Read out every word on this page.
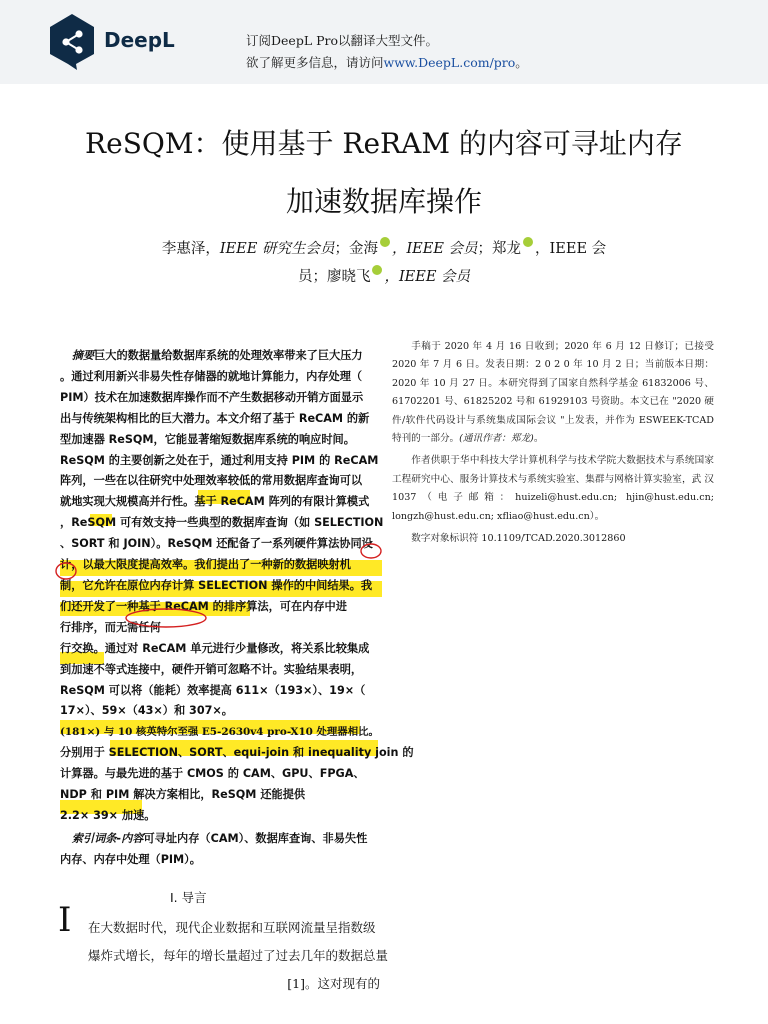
DeepL	订阅DeepL Pro以翻译大型文件。
欲了解更多信息，请访问www.DeepL.com/pro。
ReSQM：使用基于 ReRAM 的内容可寻址内存
加速数据库操作
李惠泽，IEEE 研究生会员；金海 ，IEEE 会员；郑龙 ，IEEE 会
员；廖晓飞 ，IEEE 会员
摘要巨大的数据量给数据库系统的处理效率带来了巨大压力
。通过利用新兴非易失性存储器的就地计算能力，内存处理（
PIM）技术在加速数据库操作而不产生数据移动开销方面显示
出与传统架构相比的巨大潜力。本文介绍了基于 ReCAM 的新
型加速器 ReSQM，它能显著缩短数据库系统的响应时间。
ReSQM 的主要创新之处在于，通过利用支持 PIM 的 ReCAM
阵列，一些在以往研究中处理效率较低的常用数据库查询可以
就地实现大规模高并行性。基于 ReCAM 阵列的有限计算模式
，ReSQM 可有效支持一些典型的数据库查询（如 SELECTION
、SORT 和 JOIN）。ReSQM 还配备了一系列硬件算法协同设
计，以最大限度提高效率。我们提出了一种新的数据映射机
制，它允许在原位内存计算 SELECTION 操作的中间结果。我
们还开发了一种基于 ReCAM 的排序算法，可在内存中进
行排序，而无需任何
行交换。通过对 ReCAM 单元进行少量修改，将关系比较集成
到加速不等式连接中，硬件开销可忽略不计。实验结果表明，
ReSQM 可以将（能耗）效率提高 611×（193×）、19×（
17×）、59×（43×）和 307×。
(181×) 与 10 核英特尔至强 E5-2630v4 pro-X10 处理器相比。
分别用于 SELECTION、SORT、equi-join 和 inequality join 的
计算器。与最先进的基于 CMOS 的 CAM、GPU、FPGA、
NDP 和 PIM 解决方案相比，ReSQM 还能提供
2.2× 39× 加速。
索引词条-内容可寻址内存（CAM）、数据库查询、非易失性
内存、内存中处理（PIM）。

手稿于 2020 年 4 月 16 日收到；2020 年 6 月 12 日修订；已接受 2020 年 7 月 6 日。发表日期：2 0 2 0 年 10 月 2 日；当前版本日期：2020 年 10 月 27 日。本研究得到了国家自然科学基金 61832006 号、61702201 号、61825202 号和 61929103 号资助。本文已在 "2020 硬件/软件代码设计与系统集成国际会议 "上发表，并作为 ESWEEK-TCAD 特刊的一部分。(通讯作者：郑龙)。

作者供职于华中科技大学计算机科学与技术学院大数据技术与系统国家工程研究中心、服务计算技术与系统实验室、集群与网格计算实验室，武 汉 1037（电子邮箱：huizeli@hust.edu.cn; hjin@hust.edu.cn; longzh@hust.edu.cn; xfliao@hust.edu.cn）。

数字对象标识符 10.1109/TCAD.2020.3012860

I. 导言
I 在大数据时代，现代企业数据和互联网流量呈指数级
爆炸式增长，每年的增长量超过了过去几年的数据总量
[1]。这对现有的
